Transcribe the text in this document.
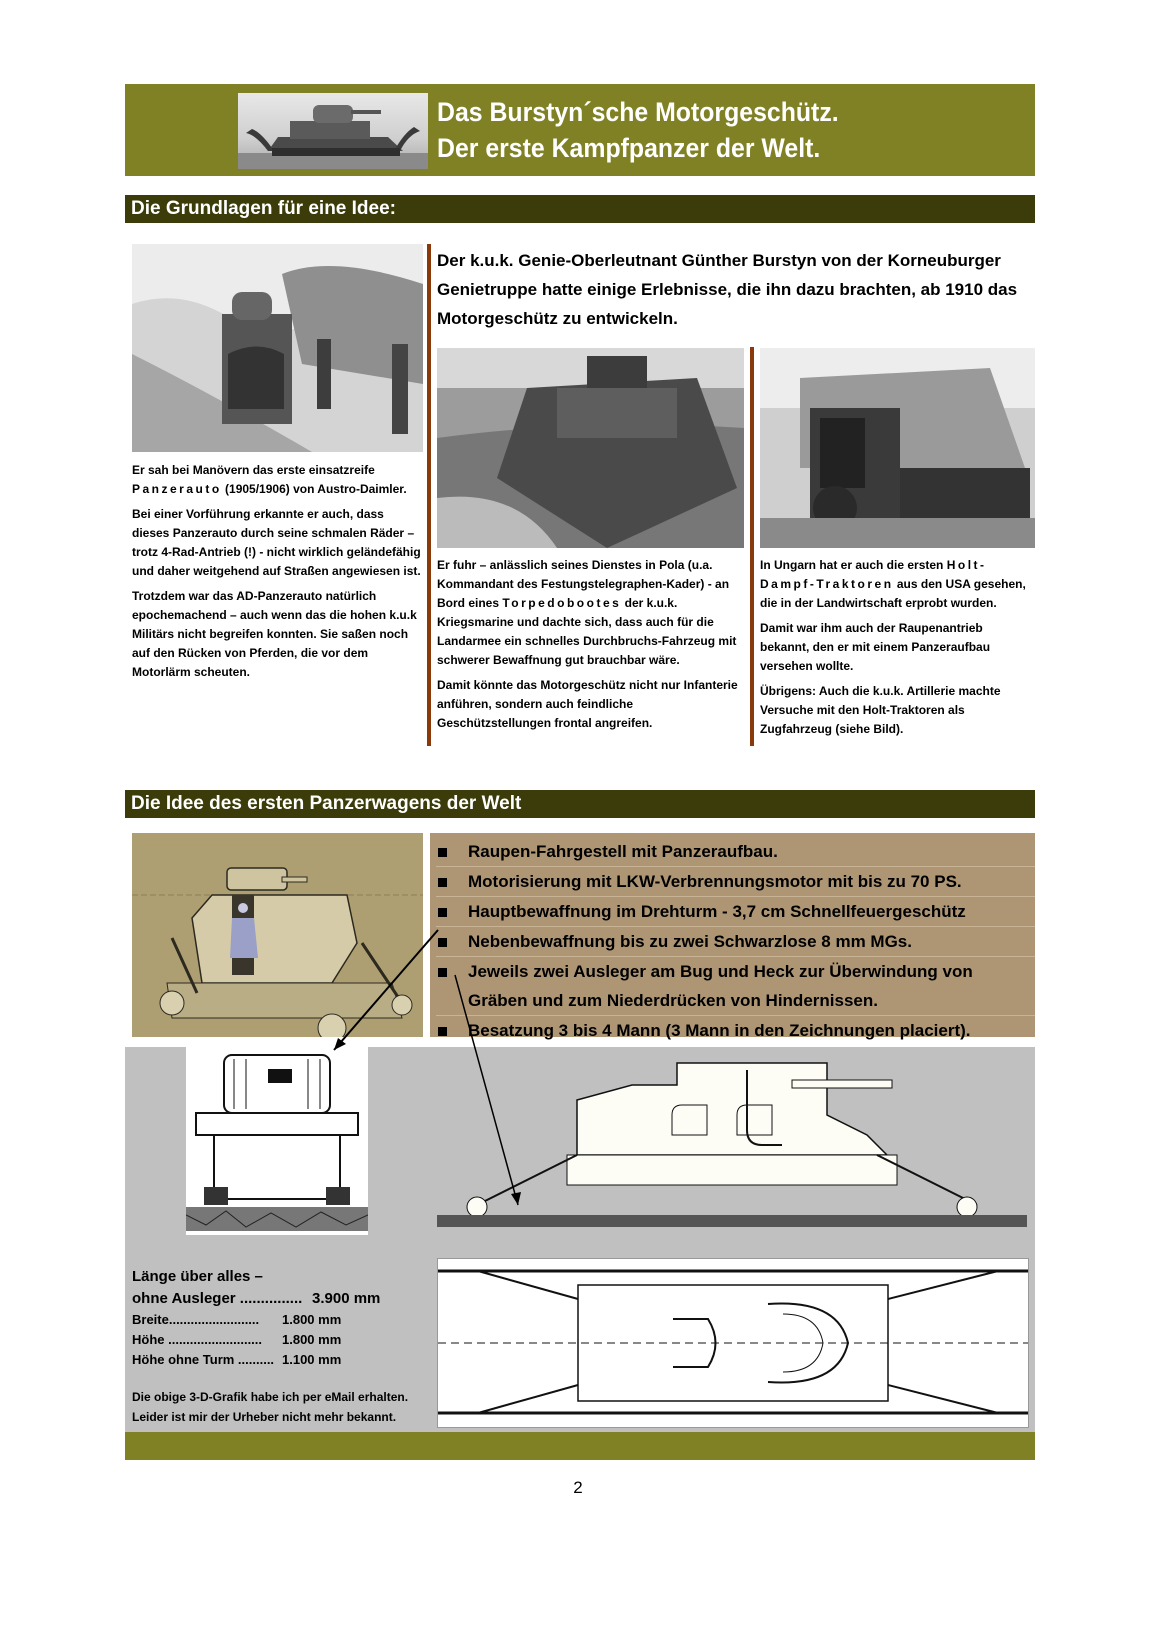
Das Burstyn´sche Motorgeschütz.
Der erste Kampfpanzer der Welt.
Die Grundlagen für eine Idee:

Er sah bei Manövern das erste einsatzreife
Panzerauto (1905/1906) von Austro-Daimler.

Bei einer Vorführung erkannte er auch, dass dieses Panzerauto durch seine schmalen Räder – trotz 4-Rad-Antrieb (!) - nicht wirklich geländefähig und daher weitgehend auf Straßen angewiesen ist.

Trotzdem war das AD-Panzerauto natürlich epochemachend – auch wenn das die hohen k.u.k Militärs nicht begreifen konnten. Sie saßen noch auf den Rücken von Pferden, die vor dem Motorlärm scheuten.

Der k.u.k. Genie-Oberleutnant Günther Burstyn von der Korneuburger Genietruppe hatte einige Erlebnisse, die ihn dazu brachten, ab 1910 das Motorgeschütz zu entwickeln.

Er fuhr – anlässlich seines Dienstes in Pola (u.a. Kommandant des Festungstelegraphen-Kader) - an Bord eines Torpedobootes der k.u.k. Kriegsmarine und dachte sich, dass auch für die Landarmee ein schnelles Durchbruchs-Fahrzeug mit schwerer Bewaffnung gut brauchbar wäre.

Damit könnte das Motorgeschütz nicht nur Infanterie anführen, sondern auch feindliche Geschützstellungen frontal angreifen.

In Ungarn hat er auch die ersten Holt-Dampf-Traktoren aus den USA gesehen, die in der Landwirtschaft erprobt wurden.

Damit war ihm auch der Raupenantrieb bekannt, den er mit einem Panzeraufbau versehen wollte.

Übrigens: Auch die k.u.k. Artillerie machte Versuche mit den Holt-Traktoren als Zugfahrzeug (siehe Bild).

Die Idee des ersten Panzerwagens der Welt
Raupen-Fahrgestell mit Panzeraufbau.
Motorisierung mit LKW-Verbrennungsmotor mit bis zu 70 PS.
Hauptbewaffnung im Drehturm - 3,7 cm Schnellfeuergeschütz
Nebenbewaffnung bis zu zwei Schwarzlose 8 mm MGs.
Jeweils zwei Ausleger am Bug und Heck zur Überwindung von Gräben und zum Niederdrücken von Hindernissen.
Besatzung 3 bis 4 Mann (3 Mann in den Zeichnungen placiert).
Länge über alles –
ohne Ausleger ............... 3.900 mm
Breite.........................	1.800 mm
Höhe ..........................	1.800 mm
Höhe ohne Turm .......... 1.100 mm
Die obige 3-D-Grafik habe ich per eMail erhalten. Leider ist mir der Urheber nicht mehr bekannt.
2
